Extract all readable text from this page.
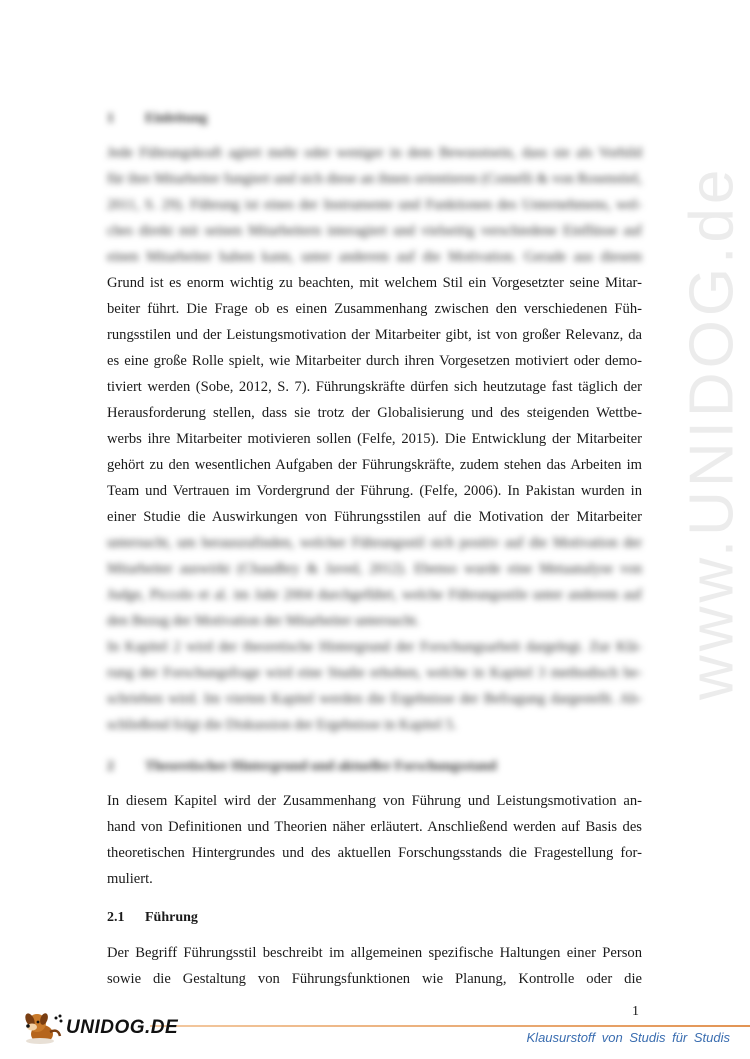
www.UNIDOG.de
1 Einleitung
Jede Führungskraft agiert mehr oder weniger in dem Bewusstsein, dass sie als Vorbild
für ihre Mitarbeiter fungiert und sich diese an ihnen orientieren (Comelli & von Rosenstiel,
2011, S. 29). Führung ist eines der Instrumente und Funktionen des Unternehmens, wel-
ches direkt mit seinen Mitarbeitern interagiert und vielseitig verschiedene Einflüsse auf
einen Mitarbeiter haben kann, unter anderem auf die Motivation. Gerade aus diesem
Grund ist es enorm wichtig zu beachten, mit welchem Stil ein Vorgesetzter seine Mitar-
beiter führt. Die Frage ob es einen Zusammenhang zwischen den verschiedenen Füh-
rungsstilen und der Leistungsmotivation der Mitarbeiter gibt, ist von großer Relevanz, da
es eine große Rolle spielt, wie Mitarbeiter durch ihren Vorgesetzen motiviert oder demo-
tiviert werden (Sobe, 2012, S. 7). Führungskräfte dürfen sich heutzutage fast täglich der
Herausforderung stellen, dass sie trotz der Globalisierung und des steigenden Wettbe-
werbs ihre Mitarbeiter motivieren sollen (Felfe, 2015). Die Entwicklung der Mitarbeiter
gehört zu den wesentlichen Aufgaben der Führungskräfte, zudem stehen das Arbeiten im
Team und Vertrauen im Vordergrund der Führung. (Felfe, 2006). In Pakistan wurden in
einer Studie die Auswirkungen von Führungsstilen auf die Motivation der Mitarbeiter
untersucht, um herauszufinden, welcher Führungsstil sich positiv auf die Motivation der
Mitarbeiter auswirkt (Chaudhry & Javed, 2012). Ebenso wurde eine Metaanalyse von
Judge, Piccolo et al. im Jahr 2004 durchgeführt, welche Führungsstile unter anderem auf
den Bezug der Motivation der Mitarbeiter untersucht.
In Kapitel 2 wird der theoretische Hintergrund der Forschungsarbeit dargelegt. Zur Klä-
rung der Forschungsfrage wird eine Studie erhoben, welche in Kapitel 3 methodisch be-
schrieben wird. Im vierten Kapitel werden die Ergebnisse der Befragung dargestellt. Ab-
schließend folgt die Diskussion der Ergebnisse in Kapitel 5.
2 Theoretischer Hintergrund und aktueller Forschungsstand
In diesem Kapitel wird der Zusammenhang von Führung und Leistungsmotivation an-
hand von Definitionen und Theorien näher erläutert. Anschließend werden auf Basis des
theoretischen Hintergrundes und des aktuellen Forschungsstands die Fragestellung for-
muliert.
2.1 Führung
Der Begriff Führungsstil beschreibt im allgemeinen spezifische Haltungen einer Person
sowie die Gestaltung von Führungsfunktionen wie Planung, Kontrolle oder die
1
UNIDOG.DE	Klausurstoff von Studis für Studis
